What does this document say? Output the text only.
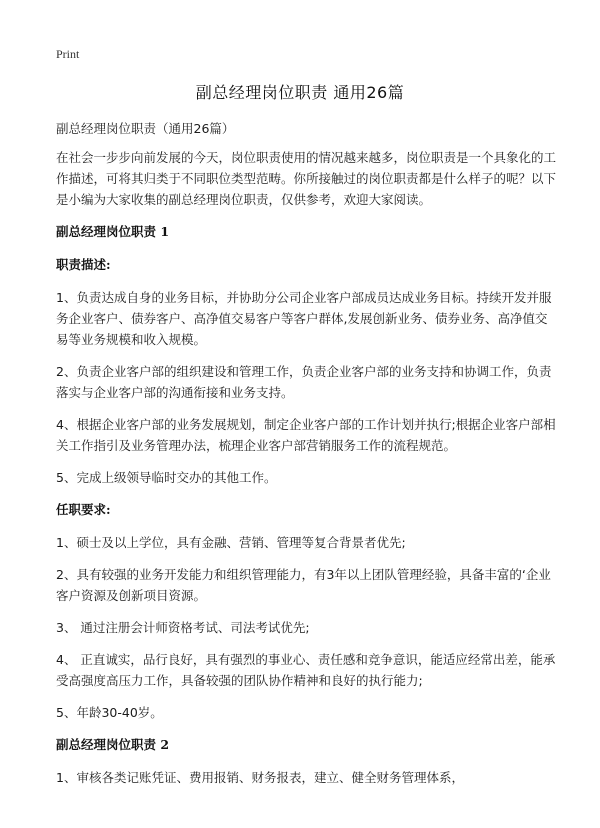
Print
副总经理岗位职责 通用26篇

副总经理岗位职责（通用26篇）

在社会一步步向前发展的今天，岗位职责使用的情况越来越多，岗位职责是一个具象化的工作描述，可将其归类于不同职位类型范畴。你所接触过的岗位职责都是什么样子的呢？以下是小编为大家收集的副总经理岗位职责，仅供参考，欢迎大家阅读。

副总经理岗位职责 1

职责描述:

1、负责达成自身的业务目标，并协助分公司企业客户部成员达成业务目标。持续开发并服务企业客户、债券客户、高净值交易客户等客户群体,发展创新业务、债券业务、高净值交易等业务规模和收入规模。

2、负责企业客户部的组织建设和管理工作，负责企业客户部的业务支持和协调工作，负责落实与企业客户部的沟通衔接和业务支持。

4、根据企业客户部的业务发展规划，制定企业客户部的工作计划并执行;根据企业客户部相关工作指引及业务管理办法，梳理企业客户部营销服务工作的流程规范。

5、完成上级领导临时交办的其他工作。

任职要求:

1、硕士及以上学位，具有金融、营销、管理等复合背景者优先;

2、具有较强的业务开发能力和组织管理能力，有3年以上团队管理经验，具备丰富的‘企业客户资源及创新项目资源。

3、 通过注册会计师资格考试、司法考试优先;

4、 正直诚实，品行良好，具有强烈的事业心、责任感和竞争意识，能适应经常出差，能承受高强度高压力工作，具备较强的团队协作精神和良好的执行能力;

5、年龄30-40岁。

副总经理岗位职责 2

1、审核各类记账凭证、费用报销、财务报表，建立、健全财务管理体系，
